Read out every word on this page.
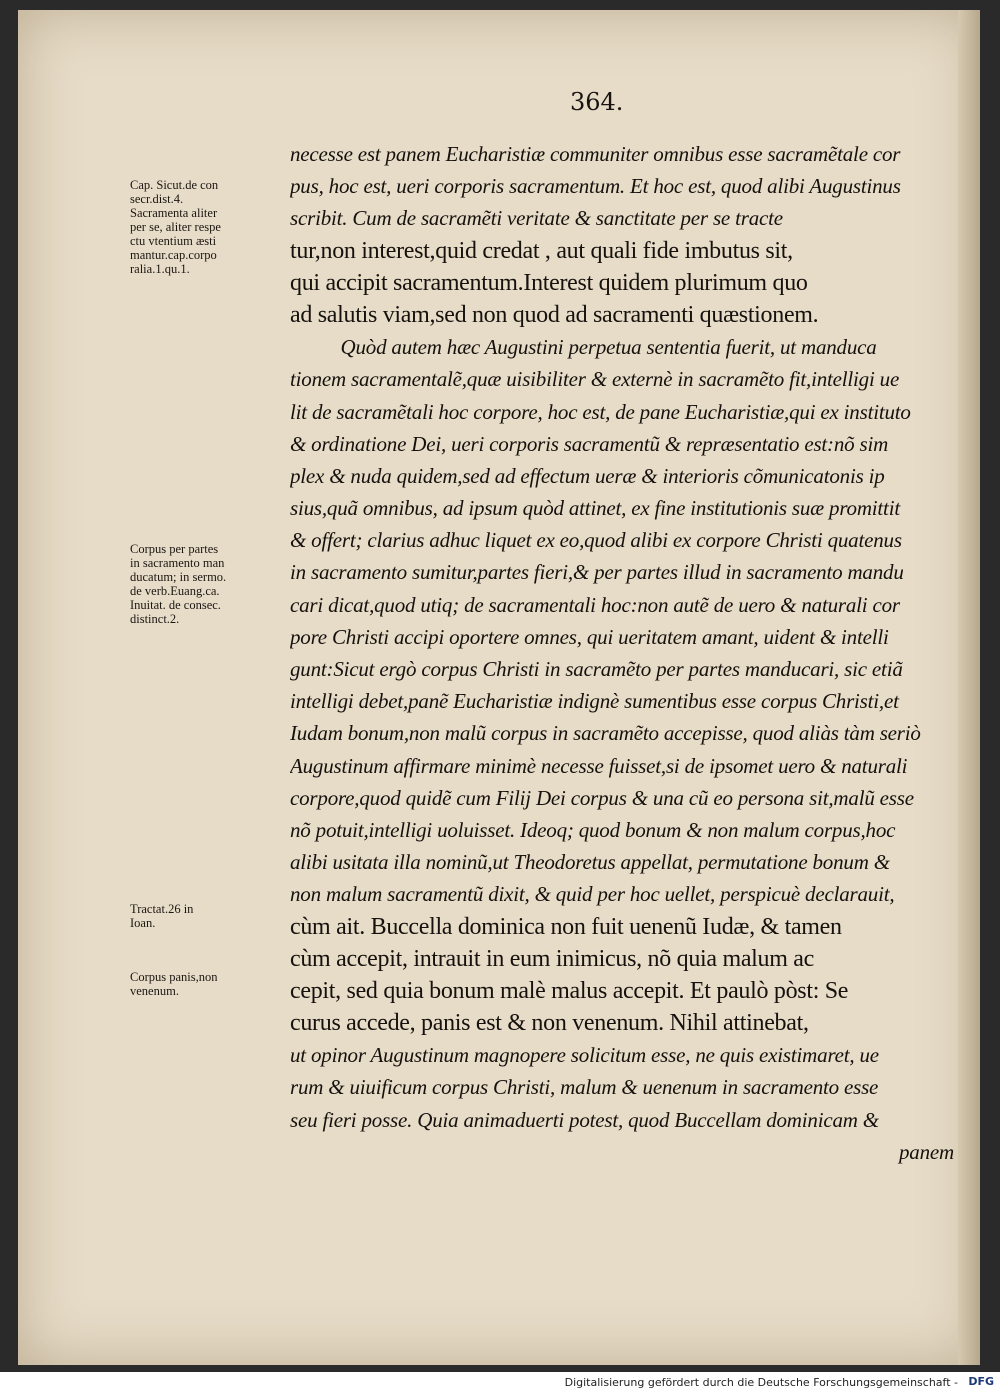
364.
Cap. Sicut.de con
secr.dist.4.
Sacramenta aliter
per se, aliter respe
ctu vtentium æsti
mantur.cap.corpo
ralia.1.qu.1.
Corpus per partes
in sacramento man
ducatum; in sermo.
de verb.Euang.ca.
Inuitat. de consec.
distinct.2.
Tractat.26 in
Ioan.
Corpus panis,non
venenum.
necesse est panem Eucharistiæ communiter omnibus esse sacramẽtale cor
pus, hoc est, ueri corporis sacramentum. Et hoc est, quod alibi Augustinus
scribit. Cum de sacramẽti veritate & sanctitate per se tracte
tur,non interest,quid credat , aut quali fide imbutus sit,
qui accipit sacramentum.Interest quidem plurimum quo
ad salutis viam,sed non quod ad sacramenti quæstionem.
Quòd autem hæc Augustini perpetua sententia fuerit, ut manduca
tionem sacramentalẽ,quæ uisibiliter & externè in sacramẽto fit,intelligi ue
lit de sacramẽtali hoc corpore, hoc est, de pane Eucharistiæ,qui ex instituto
& ordinatione Dei, ueri corporis sacramentũ & repræsentatio est:nõ sim
plex & nuda quidem,sed ad effectum ueræ & interioris cõmunicatonis ip
sius,quã omnibus, ad ipsum quòd attinet, ex fine institutionis suæ promittit
& offert; clarius adhuc liquet ex eo,quod alibi ex corpore Christi quatenus
in sacramento sumitur,partes fieri,& per partes illud in sacramento mandu
cari dicat,quod utiq; de sacramentali hoc:non autẽ de uero & naturali cor
pore Christi accipi oportere omnes, qui ueritatem amant, uident & intelli
gunt:Sicut ergò corpus Christi in sacramẽto per partes manducari, sic etiã
intelligi debet,panẽ Eucharistiæ indignè sumentibus esse corpus Christi,et
Iudam bonum,non malũ corpus in sacramẽto accepisse, quod aliàs tàm seriò
Augustinum affirmare minimè necesse fuisset,si de ipsomet uero & naturali
corpore,quod quidẽ cum Filij Dei corpus & una cũ eo persona sit,malũ esse
nõ potuit,intelligi uoluisset. Ideoq; quod bonum & non malum corpus,hoc
alibi usitata illa nominũ,ut Theodoretus appellat, permutatione bonum &
non malum sacramentũ dixit, & quid per hoc uellet, perspicuè declarauit,
cùm ait. Buccella dominica non fuit uenenũ Iudæ, & tamen
cùm accepit, intrauit in eum inimicus, nõ quia malum ac
cepit, sed quia bonum malè malus accepit. Et paulò pòst: Se
curus accede, panis est & non venenum. Nihil attinebat,
ut opinor Augustinum magnopere solicitum esse, ne quis existimaret, ue
rum & uiuificum corpus Christi, malum & uenenum in sacramento esse
seu fieri posse. Quia animaduerti potest, quod Buccellam dominicam &
panem
Digitalisierung gefördert durch die Deutsche Forschungsgemeinschaft - DFG
